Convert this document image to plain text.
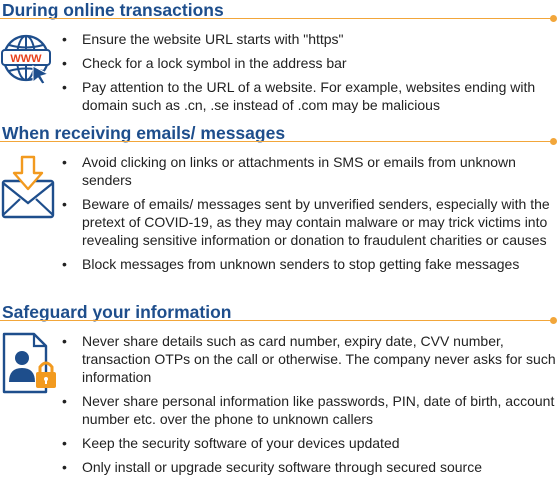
During online transactions
WWW
• Ensure the website URL starts with "https"
• Check for a lock symbol in the address bar
• Pay attention to the URL of a website. For example, websites ending with domain such as .cn, .se instead of .com may be malicious
When receiving emails/ messages
• Avoid clicking on links or attachments in SMS or emails from unknown senders
• Beware of emails/ messages sent by unverified senders, especially with the pretext of COVID-19, as they may contain malware or may trick victims into revealing sensitive information or donation to fraudulent charities or causes
• Block messages from unknown senders to stop getting fake messages
Safeguard your information
• Never share details such as card number, expiry date, CVV number, transaction OTPs on the call or otherwise. The company never asks for such information
• Never share personal information like passwords, PIN, date of birth, account number etc. over the phone to unknown callers
• Keep the security software of your devices updated
• Only install or upgrade security software through secured source
